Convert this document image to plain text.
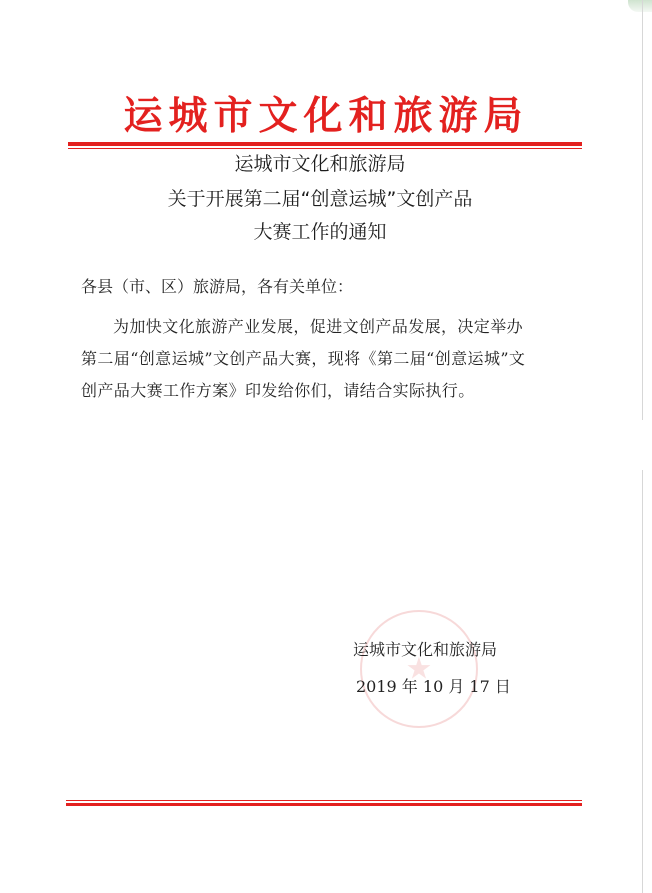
运城市文化和旅游局
运城市文化和旅游局
关于开展第二届“创意运城”文创产品
大赛工作的通知
各县（市、区）旅游局，各有关单位：
为加快文化旅游产业发展，促进文创产品发展，决定举办第二届“创意运城”文创产品大赛，现将《第二届“创意运城”文创产品大赛工作方案》印发给你们，请结合实际执行。
★
运城市文化和旅游局
2019 年 10 月 17 日
